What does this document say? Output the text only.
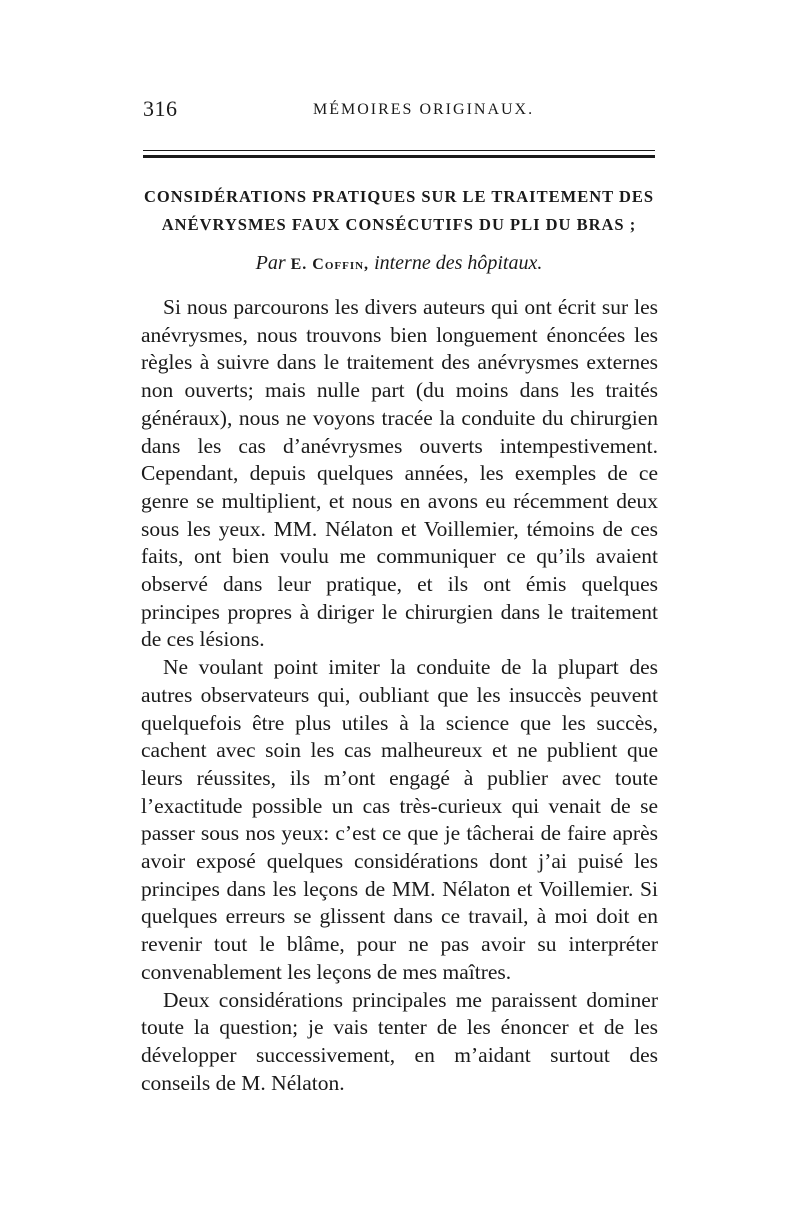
316	MÉMOIRES ORIGINAUX.
CONSIDÉRATIONS PRATIQUES SUR LE TRAITEMENT DES
ANÉVRYSMES FAUX CONSÉCUTIFS DU PLI DU BRAS ;
Par E. Coffin, interne des hôpitaux.

Si nous parcourons les divers auteurs qui ont écrit sur les anévrysmes, nous trouvons bien longuement énoncées les règles à suivre dans le traitement des anévrysmes externes non ouverts; mais nulle part (du moins dans les traités généraux), nous ne voyons tracée la conduite du chirurgien dans les cas d’anévrysmes ouverts intempestivement. Cependant, depuis quelques années, les exemples de ce genre se multiplient, et nous en avons eu récemment deux sous les yeux. MM. Nélaton et Voillemier, témoins de ces faits, ont bien voulu me communiquer ce qu’ils avaient observé dans leur pratique, et ils ont émis quelques principes propres à diriger le chirurgien dans le traitement de ces lésions.

Ne voulant point imiter la conduite de la plupart des autres observateurs qui, oubliant que les insuccès peuvent quelquefois être plus utiles à la science que les succès, cachent avec soin les cas malheureux et ne publient que leurs réussites, ils m’ont engagé à publier avec toute l’exactitude possible un cas très-curieux qui venait de se passer sous nos yeux: c’est ce que je tâcherai de faire après avoir exposé quelques considérations dont j’ai puisé les principes dans les leçons de MM. Nélaton et Voillemier. Si quelques erreurs se glissent dans ce travail, à moi doit en revenir tout le blâme, pour ne pas avoir su interpréter convenablement les leçons de mes maîtres.

Deux considérations principales me paraissent dominer toute la question; je vais tenter de les énoncer et de les développer successivement, en m’aidant surtout des conseils de M. Nélaton.
